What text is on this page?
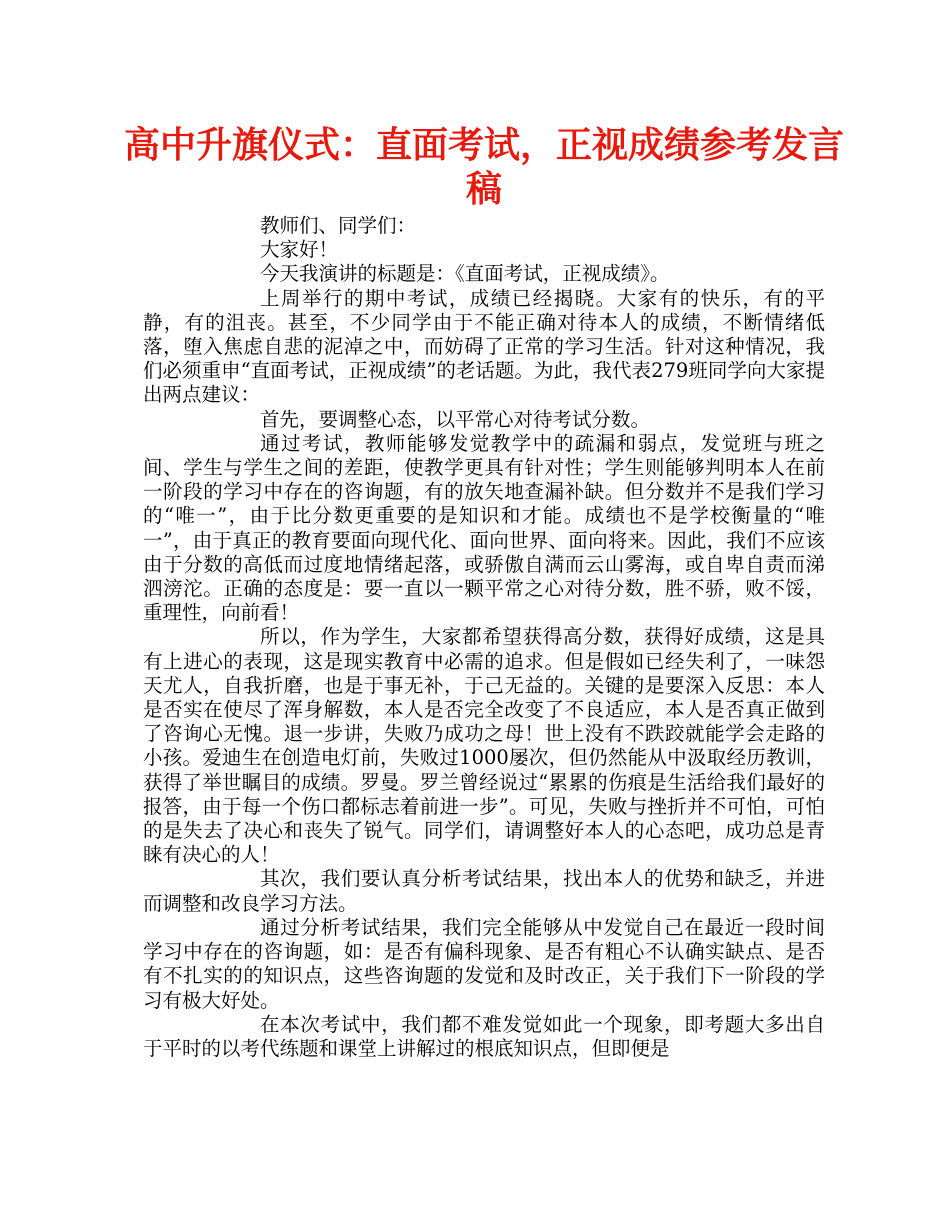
高中升旗仪式：直面考试，正视成绩参考发言稿

教师们、同学们：

大家好！

今天我演讲的标题是：《直面考试，正视成绩》。

上周举行的期中考试，成绩已经揭晓。大家有的快乐，有的平静，有的沮丧。甚至，不少同学由于不能正确对待本人的成绩，不断情绪低落，堕入焦虑自悲的泥淖之中，而妨碍了正常的学习生活。针对这种情况，我们必须重申“直面考试，正视成绩”的老话题。为此，我代表279班同学向大家提出两点建议：

首先，要调整心态，以平常心对待考试分数。

通过考试，教师能够发觉教学中的疏漏和弱点，发觉班与班之间、学生与学生之间的差距，使教学更具有针对性；学生则能够判明本人在前一阶段的学习中存在的咨询题，有的放矢地查漏补缺。但分数并不是我们学习的“唯一”，由于比分数更重要的是知识和才能。成绩也不是学校衡量的“唯一”，由于真正的教育要面向现代化、面向世界、面向将来。因此，我们不应该由于分数的高低而过度地情绪起落，或骄傲自满而云山雾海，或自卑自责而涕泗滂沱。正确的态度是：要一直以一颗平常之心对待分数，胜不骄，败不馁，重理性，向前看！

所以，作为学生，大家都希望获得高分数，获得好成绩，这是具有上进心的表现，这是现实教育中必需的追求。但是假如已经失利了，一味怨天尤人，自我折磨，也是于事无补，于己无益的。关键的是要深入反思：本人是否实在使尽了浑身解数，本人是否完全改变了不良适应，本人是否真正做到了咨询心无愧。退一步讲，失败乃成功之母！世上没有不跌跤就能学会走路的小孩。爱迪生在创造电灯前，失败过1000屡次，但仍然能从中汲取经历教训，获得了举世瞩目的成绩。罗曼。罗兰曾经说过“累累的伤痕是生活给我们最好的报答，由于每一个伤口都标志着前进一步”。可见，失败与挫折并不可怕，可怕的是失去了决心和丧失了锐气。同学们，请调整好本人的心态吧，成功总是青睐有决心的人！

其次，我们要认真分析考试结果，找出本人的优势和缺乏，并进而调整和改良学习方法。

通过分析考试结果，我们完全能够从中发觉自己在最近一段时间学习中存在的咨询题，如：是否有偏科现象、是否有粗心不认确实缺点、是否有不扎实的的知识点，这些咨询题的发觉和及时改正，关于我们下一阶段的学习有极大好处。

在本次考试中，我们都不难发觉如此一个现象，即考题大多出自于平时的以考代练题和课堂上讲解过的根底知识点，但即便是
